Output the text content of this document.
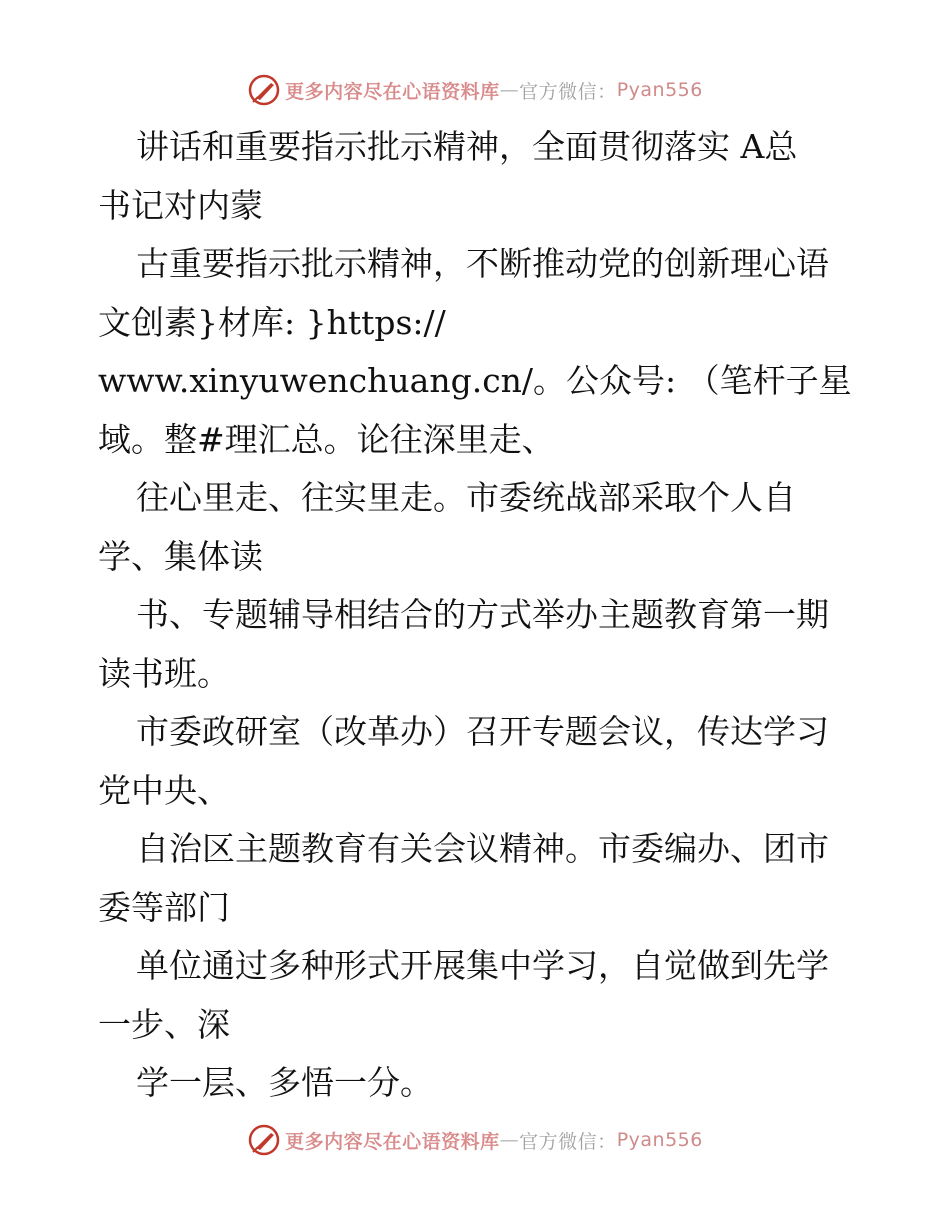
更多内容尽在心语资料库 — 官方微信： Pyan556
讲话和重要指示批示精神，全面贯彻落实 A总
书记对内蒙
古重要指示批示精神，不断推动党的创新理心语
文创素}材库: }https://
www.xinyuwenchuang.cn/。公众号: （笔杆子星
域。整#理汇总。论往深里走、
往心里走、往实里走。市委统战部采取个人自
学、集体读
书、专题辅导相结合的方式举办主题教育第一期
读书班。
市委政研室（改革办）召开专题会议，传达学习
党中央、
自治区主题教育有关会议精神。市委编办、团市
委等部门
单位通过多种形式开展集中学习，自觉做到先学
一步、深
学一层、多悟一分。
更多内容尽在心语资料库 — 官方微信： Pyan556
